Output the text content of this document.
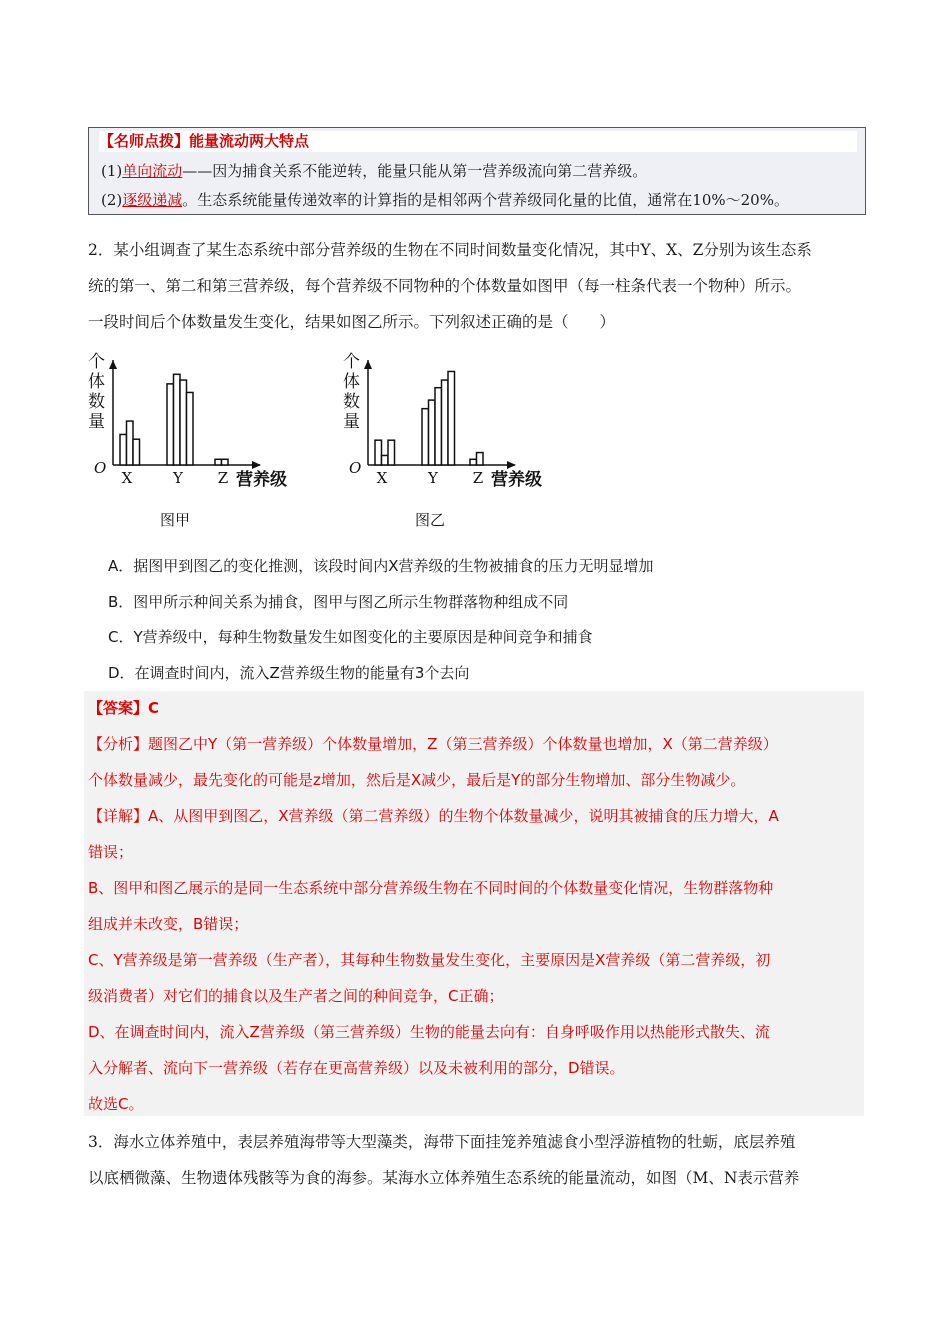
【名师点拨】能量流动两大特点
(1)单向流动——因为捕食关系不能逆转，能量只能从第一营养级流向第二营养级。
(2)逐级递减。生态系统能量传递效率的计算指的是相邻两个营养级同化量的比值，通常在10%～20%。
2．某小组调查了某生态系统中部分营养级的生物在不同时间数量变化情况，其中Y、X、Z分别为该生态系
统的第一、第二和第三营养级，每个营养级不同物种的个体数量如图甲（每一柱条代表一个物种）所示。
一段时间后个体数量发生变化，结果如图乙所示。下列叙述正确的是（　　）
个
体
数
量
O
X	Y Z 营养级
图甲
个
体
数
量
O
X	Y Z 营养级
图乙
A．据图甲到图乙的变化推测，该段时间内X营养级的生物被捕食的压力无明显增加
B．图甲所示种间关系为捕食，图甲与图乙所示生物群落物种组成不同
C．Y营养级中，每种生物数量发生如图变化的主要原因是种间竞争和捕食
D．在调查时间内，流入Z营养级生物的能量有3个去向
【答案】C
【分析】题图乙中Y（第一营养级）个体数量增加，Z（第三营养级）个体数量也增加，X（第二营养级）
个体数量减少，最先变化的可能是z增加，然后是X减少，最后是Y的部分生物增加、部分生物减少。
【详解】A、从图甲到图乙，X营养级（第二营养级）的生物个体数量减少，说明其被捕食的压力增大，A
错误；
B、图甲和图乙展示的是同一生态系统中部分营养级生物在不同时间的个体数量变化情况，生物群落物种
组成并未改变，B错误；
C、Y营养级是第一营养级（生产者），其每种生物数量发生变化，主要原因是X营养级（第二营养级，初
级消费者）对它们的捕食以及生产者之间的种间竞争，C正确；
D、在调查时间内，流入Z营养级（第三营养级）生物的能量去向有：自身呼吸作用以热能形式散失、流
入分解者、流向下一营养级（若存在更高营养级）以及未被利用的部分，D错误。
故选C。
3．海水立体养殖中，表层养殖海带等大型藻类，海带下面挂笼养殖滤食小型浮游植物的牡蛎，底层养殖
以底栖微藻、生物遗体残骸等为食的海参。某海水立体养殖生态系统的能量流动，如图（M、N表示营养
